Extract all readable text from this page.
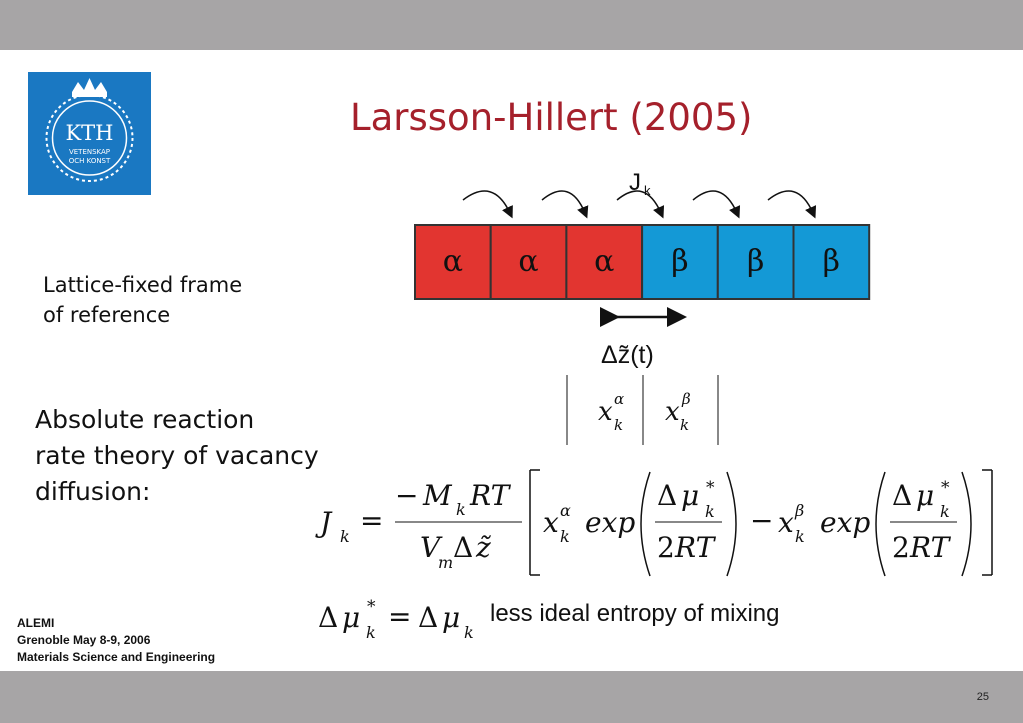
KTH
VETENSKAP
OCH KONST
Larsson-Hillert (2005)
Lattice-fixed frame
of reference
Absolute reaction
rate theory of vacancy
diffusion:
J k
α α α β β β
Δz̃(t)
x α
k x β
k
J k =
− M k RT
V
m Δ z̃
x α
k exp
Δ μ *
k
2 RT
− x β
k exp
Δ μ *
k
2 RT
Δ μ *
k = Δ μ k
less ideal entropy of mixing
ALEMI
Grenoble May 8-9, 2006
Materials Science and Engineering
25
